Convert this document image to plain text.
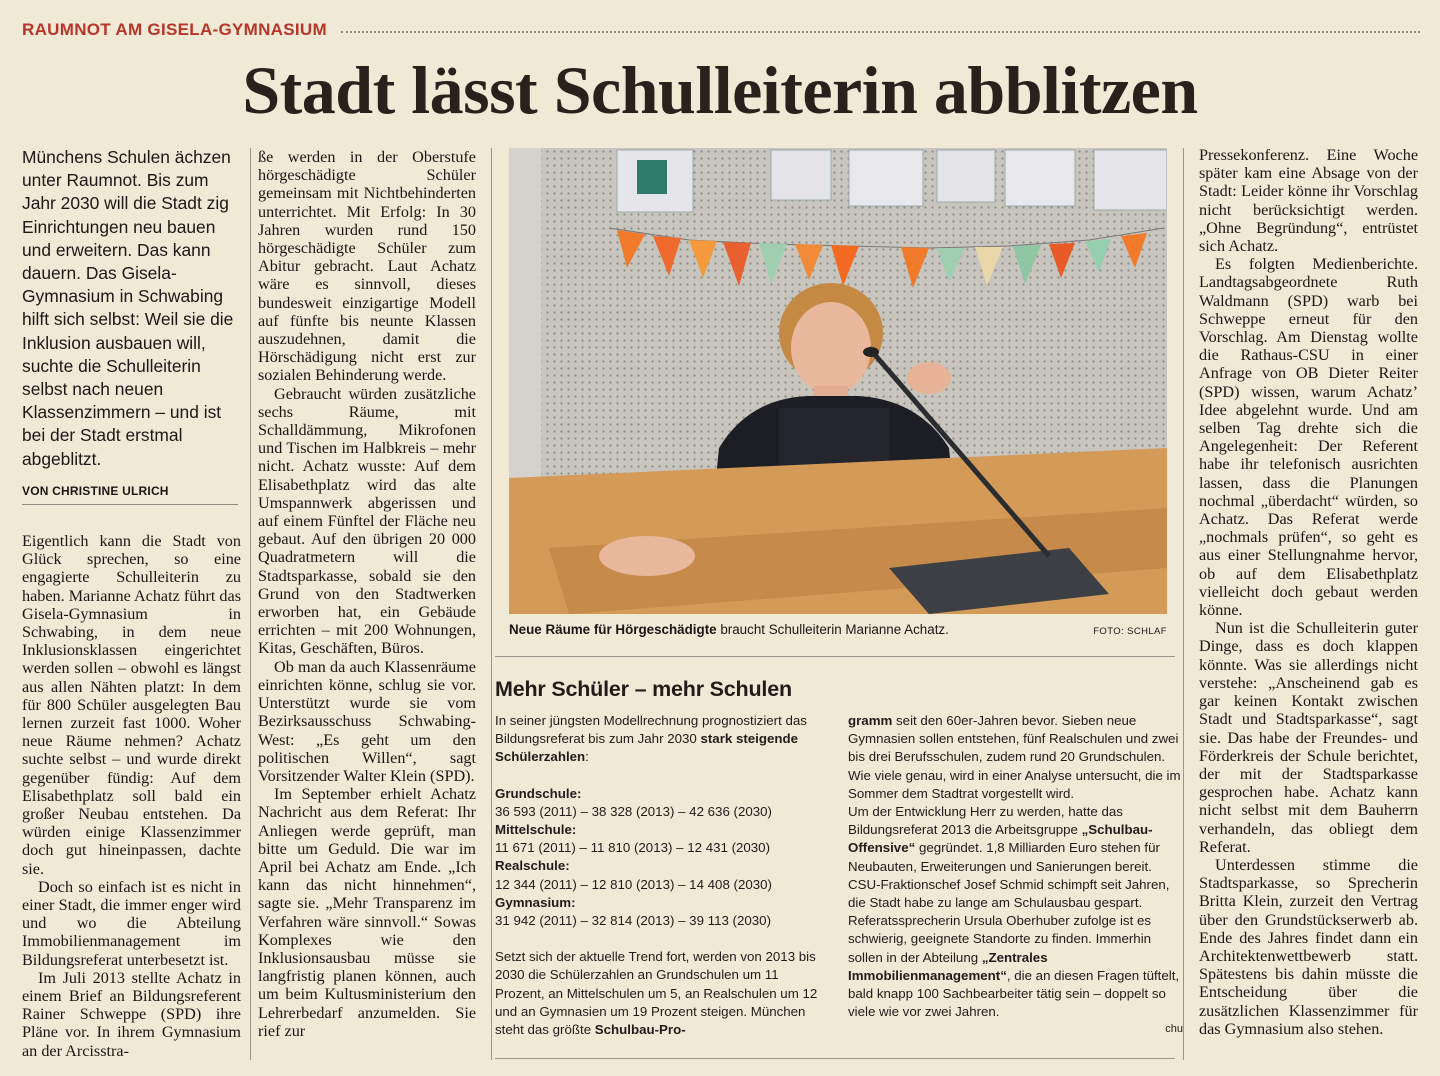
RAUMNOT AM GISELA-GYMNASIUM
Stadt lässt Schulleiterin abblitzen
Münchens Schulen ächzen unter Raumnot. Bis zum Jahr 2030 will die Stadt zig Einrichtungen neu bauen und erweitern. Das kann dauern. Das Gisela-Gymnasium in Schwabing hilft sich selbst: Weil sie die Inklusion ausbauen will, suchte die Schulleiterin selbst nach neuen Klassenzimmern – und ist bei der Stadt erstmal abgeblitzt.
VON CHRISTINE ULRICH

Eigentlich kann die Stadt von Glück sprechen, so eine engagierte Schulleiterin zu haben. Marianne Achatz führt das Gisela-Gymnasium in Schwabing, in dem neue Inklusionsklassen eingerichtet werden sollen – obwohl es längst aus allen Nähten platzt: In dem für 800 Schüler ausgelegten Bau lernen zurzeit fast 1000. Woher neue Räume nehmen? Achatz suchte selbst – und wurde direkt gegenüber fündig: Auf dem Elisabethplatz soll bald ein großer Neubau entstehen. Da würden einige Klassenzimmer doch gut hineinpassen, dachte sie.

Doch so einfach ist es nicht in einer Stadt, die immer enger wird und wo die Abteilung Immobilienmanagement im Bildungsreferat unterbesetzt ist.

Im Juli 2013 stellte Achatz in einem Brief an Bildungsreferent Rainer Schweppe (SPD) ihre Pläne vor. In ihrem Gymnasium an der Arcisstra-

ße werden in der Oberstufe hörgeschädigte Schüler gemeinsam mit Nichtbehinderten unterrichtet. Mit Erfolg: In 30 Jahren wurden rund 150 hörgeschädigte Schüler zum Abitur gebracht. Laut Achatz wäre es sinnvoll, dieses bundesweit einzigartige Modell auf fünfte bis neunte Klassen auszudehnen, damit die Hörschädigung nicht erst zur sozialen Behinderung werde.

Gebraucht würden zusätzliche sechs Räume, mit Schalldämmung, Mikrofonen und Tischen im Halbkreis – mehr nicht. Achatz wusste: Auf dem Elisabethplatz wird das alte Umspannwerk abgerissen und auf einem Fünftel der Fläche neu gebaut. Auf den übrigen 20 000 Quadratmetern will die Stadtsparkasse, sobald sie den Grund von den Stadtwerken erworben hat, ein Gebäude errichten – mit 200 Wohnungen, Kitas, Geschäften, Büros.

Ob man da auch Klassenräume einrichten könne, schlug sie vor. Unterstützt wurde sie vom Bezirksausschuss Schwabing-West: „Es geht um den politischen Willen“, sagt Vorsitzender Walter Klein (SPD).

Im September erhielt Achatz Nachricht aus dem Referat: Ihr Anliegen werde geprüft, man bitte um Geduld. Die war im April bei Achatz am Ende. „Ich kann das nicht hinnehmen“, sagte sie. „Mehr Transparenz im Verfahren wäre sinnvoll.“ Sowas Komplexes wie den Inklusionsausbau müsse sie langfristig planen können, auch um beim Kultusministerium den Lehrerbedarf anzumelden. Sie rief zur

Pressekonferenz. Eine Woche später kam eine Absage von der Stadt: Leider könne ihr Vorschlag nicht berücksichtigt werden. „Ohne Begründung“, entrüstet sich Achatz.

Es folgten Medienberichte. Landtagsabgeordnete Ruth Waldmann (SPD) warb bei Schweppe erneut für den Vorschlag. Am Dienstag wollte die Rathaus-CSU in einer Anfrage von OB Dieter Reiter (SPD) wissen, warum Achatz’ Idee abgelehnt wurde. Und am selben Tag drehte sich die Angelegenheit: Der Referent habe ihr telefonisch ausrichten lassen, dass die Planungen nochmal „überdacht“ würden, so Achatz. Das Referat werde „nochmals prüfen“, so geht es aus einer Stellungnahme hervor, ob auf dem Elisabethplatz vielleicht doch gebaut werden könne.

Nun ist die Schulleiterin guter Dinge, dass es doch klappen könnte. Was sie allerdings nicht verstehe: „Anscheinend gab es gar keinen Kontakt zwischen Stadt und Stadtsparkasse“, sagt sie. Das habe der Freundes- und Förderkreis der Schule berichtet, der mit der Stadtsparkasse gesprochen habe. Achatz kann nicht selbst mit dem Bauherrn verhandeln, das obliegt dem Referat.

Unterdessen stimme die Stadtsparkasse, so Sprecherin Britta Klein, zurzeit den Vertrag über den Grundstückserwerb ab. Ende des Jahres findet dann ein Architektenwettbewerb statt. Spätestens bis dahin müsste die Entscheidung über die zusätzlichen Klassenzimmer für das Gymnasium also stehen.

Neue Räume für Hörgeschädigte braucht Schulleiterin Marianne Achatz.	FOTO: SCHLAF
Mehr Schüler – mehr Schulen

In seiner jüngsten Modellrechnung prognostiziert das Bildungsreferat bis zum Jahr 2030 stark steigende Schülerzahlen:

Grundschule:

36 593 (2011) – 38 328 (2013) – 42 636 (2030)

Mittelschule:

11 671 (2011) – 11 810 (2013) – 12 431 (2030)

Realschule:

12 344 (2011) – 12 810 (2013) – 14 408 (2030)

Gymnasium:

31 942 (2011) – 32 814 (2013) – 39 113 (2030)

Setzt sich der aktuelle Trend fort, werden von 2013 bis 2030 die Schülerzahlen an Grundschulen um 11 Prozent, an Mittelschulen um 5, an Realschulen um 12 und an Gymnasien um 19 Prozent steigen. München steht das größte Schulbau-Pro-

gramm seit den 60er-Jahren bevor. Sieben neue Gymnasien sollen entstehen, fünf Realschulen und zwei bis drei Berufsschulen, zudem rund 20 Grundschulen. Wie viele genau, wird in einer Analyse untersucht, die im Sommer dem Stadtrat vorgestellt wird.

Um der Entwicklung Herr zu werden, hatte das Bildungsreferat 2013 die Arbeitsgruppe „Schulbau-Offensive“ gegründet. 1,8 Milliarden Euro stehen für Neubauten, Erweiterungen und Sanierungen bereit. CSU-Fraktionschef Josef Schmid schimpft seit Jahren, die Stadt habe zu lange am Schulausbau gespart. Referatssprecherin Ursula Oberhuber zufolge ist es schwierig, geeignete Standorte zu finden. Immerhin sollen in der Abteilung „Zentrales Immobilienmanagement“, die an diesen Fragen tüftelt, bald knapp 100 Sachbearbeiter tätig sein – doppelt so viele wie vor zwei Jahren.

chu
